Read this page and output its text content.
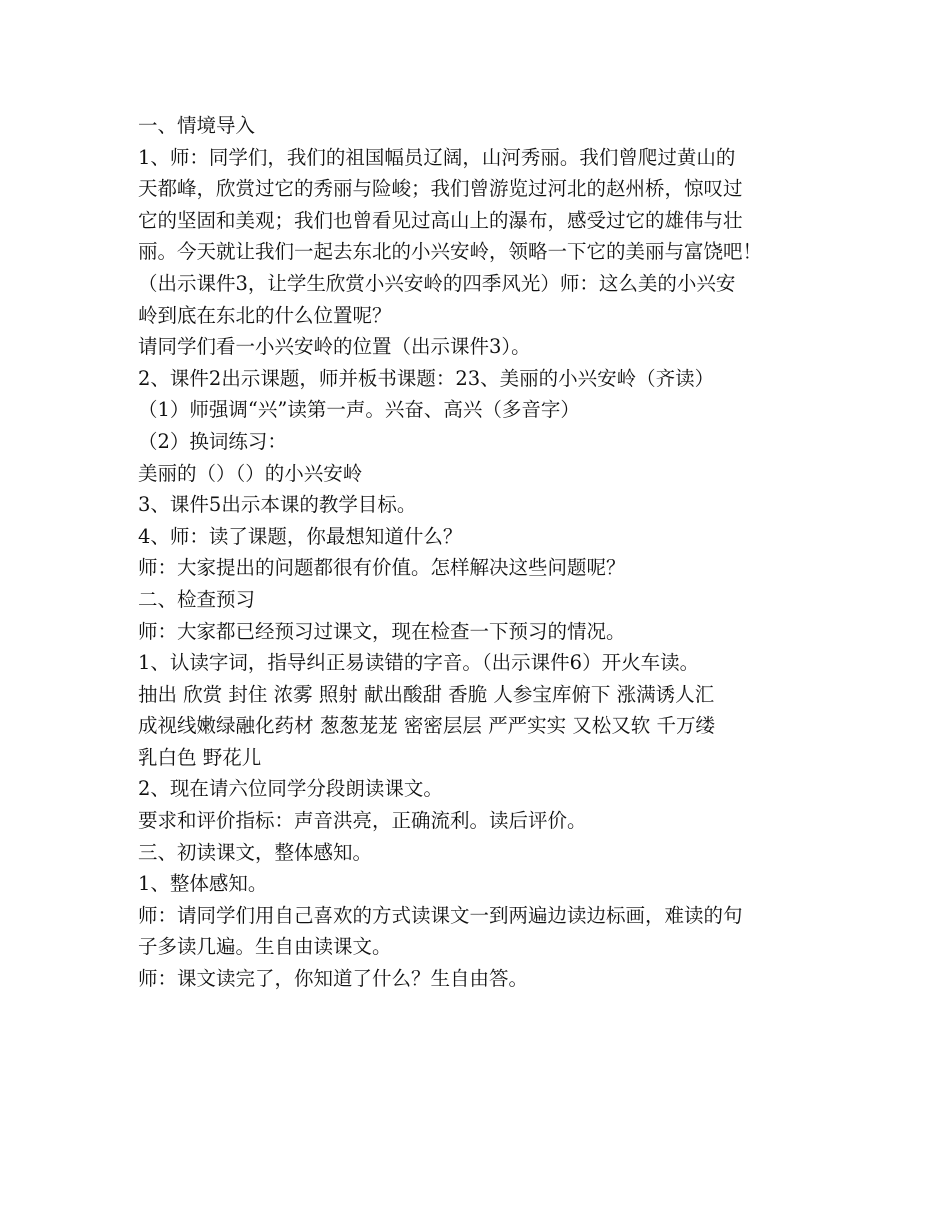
一、情境导入
1、师：同学们，我们的祖国幅员辽阔，山河秀丽。我们曾爬过黄山的
天都峰，欣赏过它的秀丽与险峻；我们曾游览过河北的赵州桥，惊叹过
它的坚固和美观；我们也曾看见过高山上的瀑布，感受过它的雄伟与壮
丽。今天就让我们一起去东北的小兴安岭，领略一下它的美丽与富饶吧！
（出示课件3，让学生欣赏小兴安岭的四季风光）师：这么美的小兴安
岭到底在东北的什么位置呢？
请同学们看一小兴安岭的位置（出示课件3）。
2、课件2出示课题，师并板书课题：23、美丽的小兴安岭（齐读）
（1）师强调“兴”读第一声。兴奋、高兴（多音字）
（2）换词练习：
美丽的（）（）的小兴安岭
3、课件5出示本课的教学目标。
4、师：读了课题，你最想知道什么？
师：大家提出的问题都很有价值。怎样解决这些问题呢？
二、检查预习
师：大家都已经预习过课文，现在检查一下预习的情况。
1、认读字词，指导纠正易读错的字音。（出示课件6）开火车读。
抽出 欣赏 封住 浓雾 照射 献出酸甜 香脆 人参宝库俯下 涨满诱人汇
成视线嫩绿融化药材 葱葱茏茏 密密层层 严严实实 又松又软 千万缕
乳白色 野花儿
2、现在请六位同学分段朗读课文。
要求和评价指标：声音洪亮，正确流利。读后评价。
三、初读课文，整体感知。
1、整体感知。
师：请同学们用自己喜欢的方式读课文一到两遍边读边标画，难读的句
子多读几遍。生自由读课文。
师：课文读完了，你知道了什么？生自由答。
